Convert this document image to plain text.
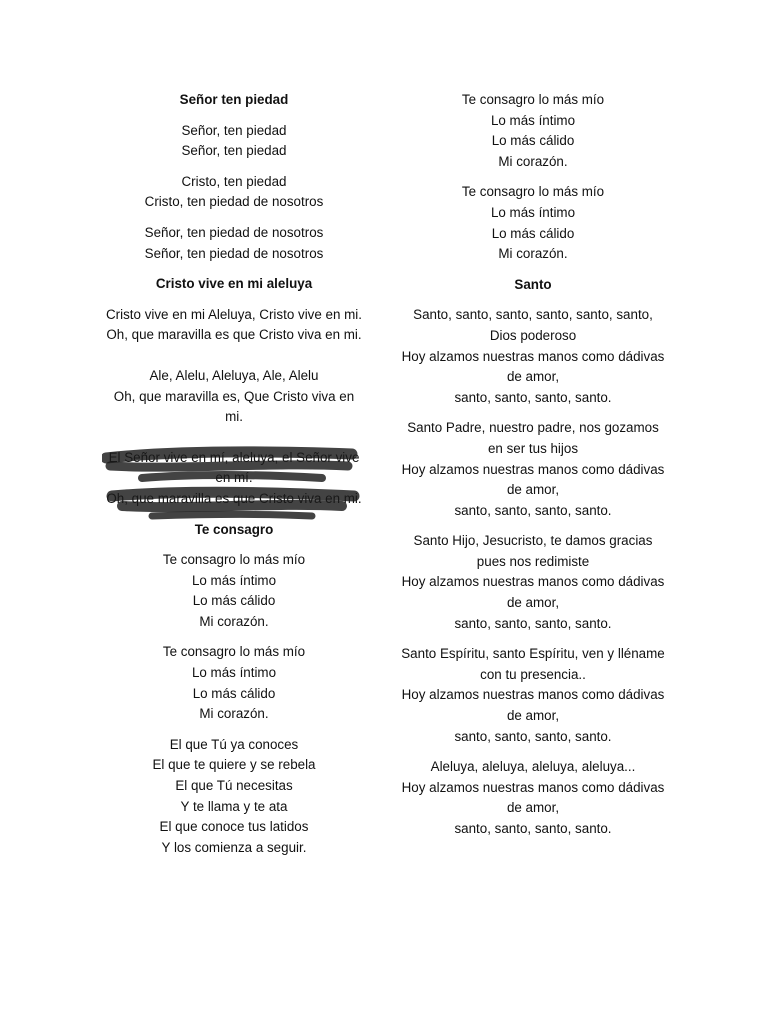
Señor ten piedad
Señor, ten piedad
Señor, ten piedad
Cristo, ten piedad
Cristo, ten piedad de nosotros
Señor, ten piedad de nosotros
Señor, ten piedad de nosotros
Cristo vive en mi aleluya
Cristo vive en mi Aleluya, Cristo vive en mi.
Oh, que maravilla es que Cristo viva en mi.
Ale, Alelu, Aleluya, Ale, Alelu
Oh, que maravilla es, Que Cristo viva en mi.
El Señor vive en mí, aleluya, el Señor vive en mí.
Oh, que maravilla es que Cristo viva en mi.
Te consagro
Te consagro lo más mío
Lo más íntimo
Lo más cálido
Mi corazón.
Te consagro lo más mío
Lo más íntimo
Lo más cálido
Mi corazón.
El que Tú ya conoces
El que te quiere y se rebela
El que Tú necesitas
Y te llama y te ata
El que conoce tus latidos
Y los comienza a seguir.
Te consagro lo más mío
Lo más íntimo
Lo más cálido
Mi corazón.
Te consagro lo más mío
Lo más íntimo
Lo más cálido
Mi corazón.
Santo
Santo, santo, santo, santo, santo, santo, Dios poderoso
Hoy alzamos nuestras manos como dádivas de amor,
santo, santo, santo, santo.
Santo Padre, nuestro padre, nos gozamos en ser tus hijos
Hoy alzamos nuestras manos como dádivas de amor,
santo, santo, santo, santo.
Santo Hijo, Jesucristo, te damos gracias pues nos redimiste
Hoy alzamos nuestras manos como dádivas de amor,
santo, santo, santo, santo.
Santo Espíritu, santo Espíritu, ven y lléname con tu presencia..
Hoy alzamos nuestras manos como dádivas de amor,
santo, santo, santo, santo.
Aleluya, aleluya, aleluya, aleluya...
Hoy alzamos nuestras manos como dádivas de amor,
santo, santo, santo, santo.
